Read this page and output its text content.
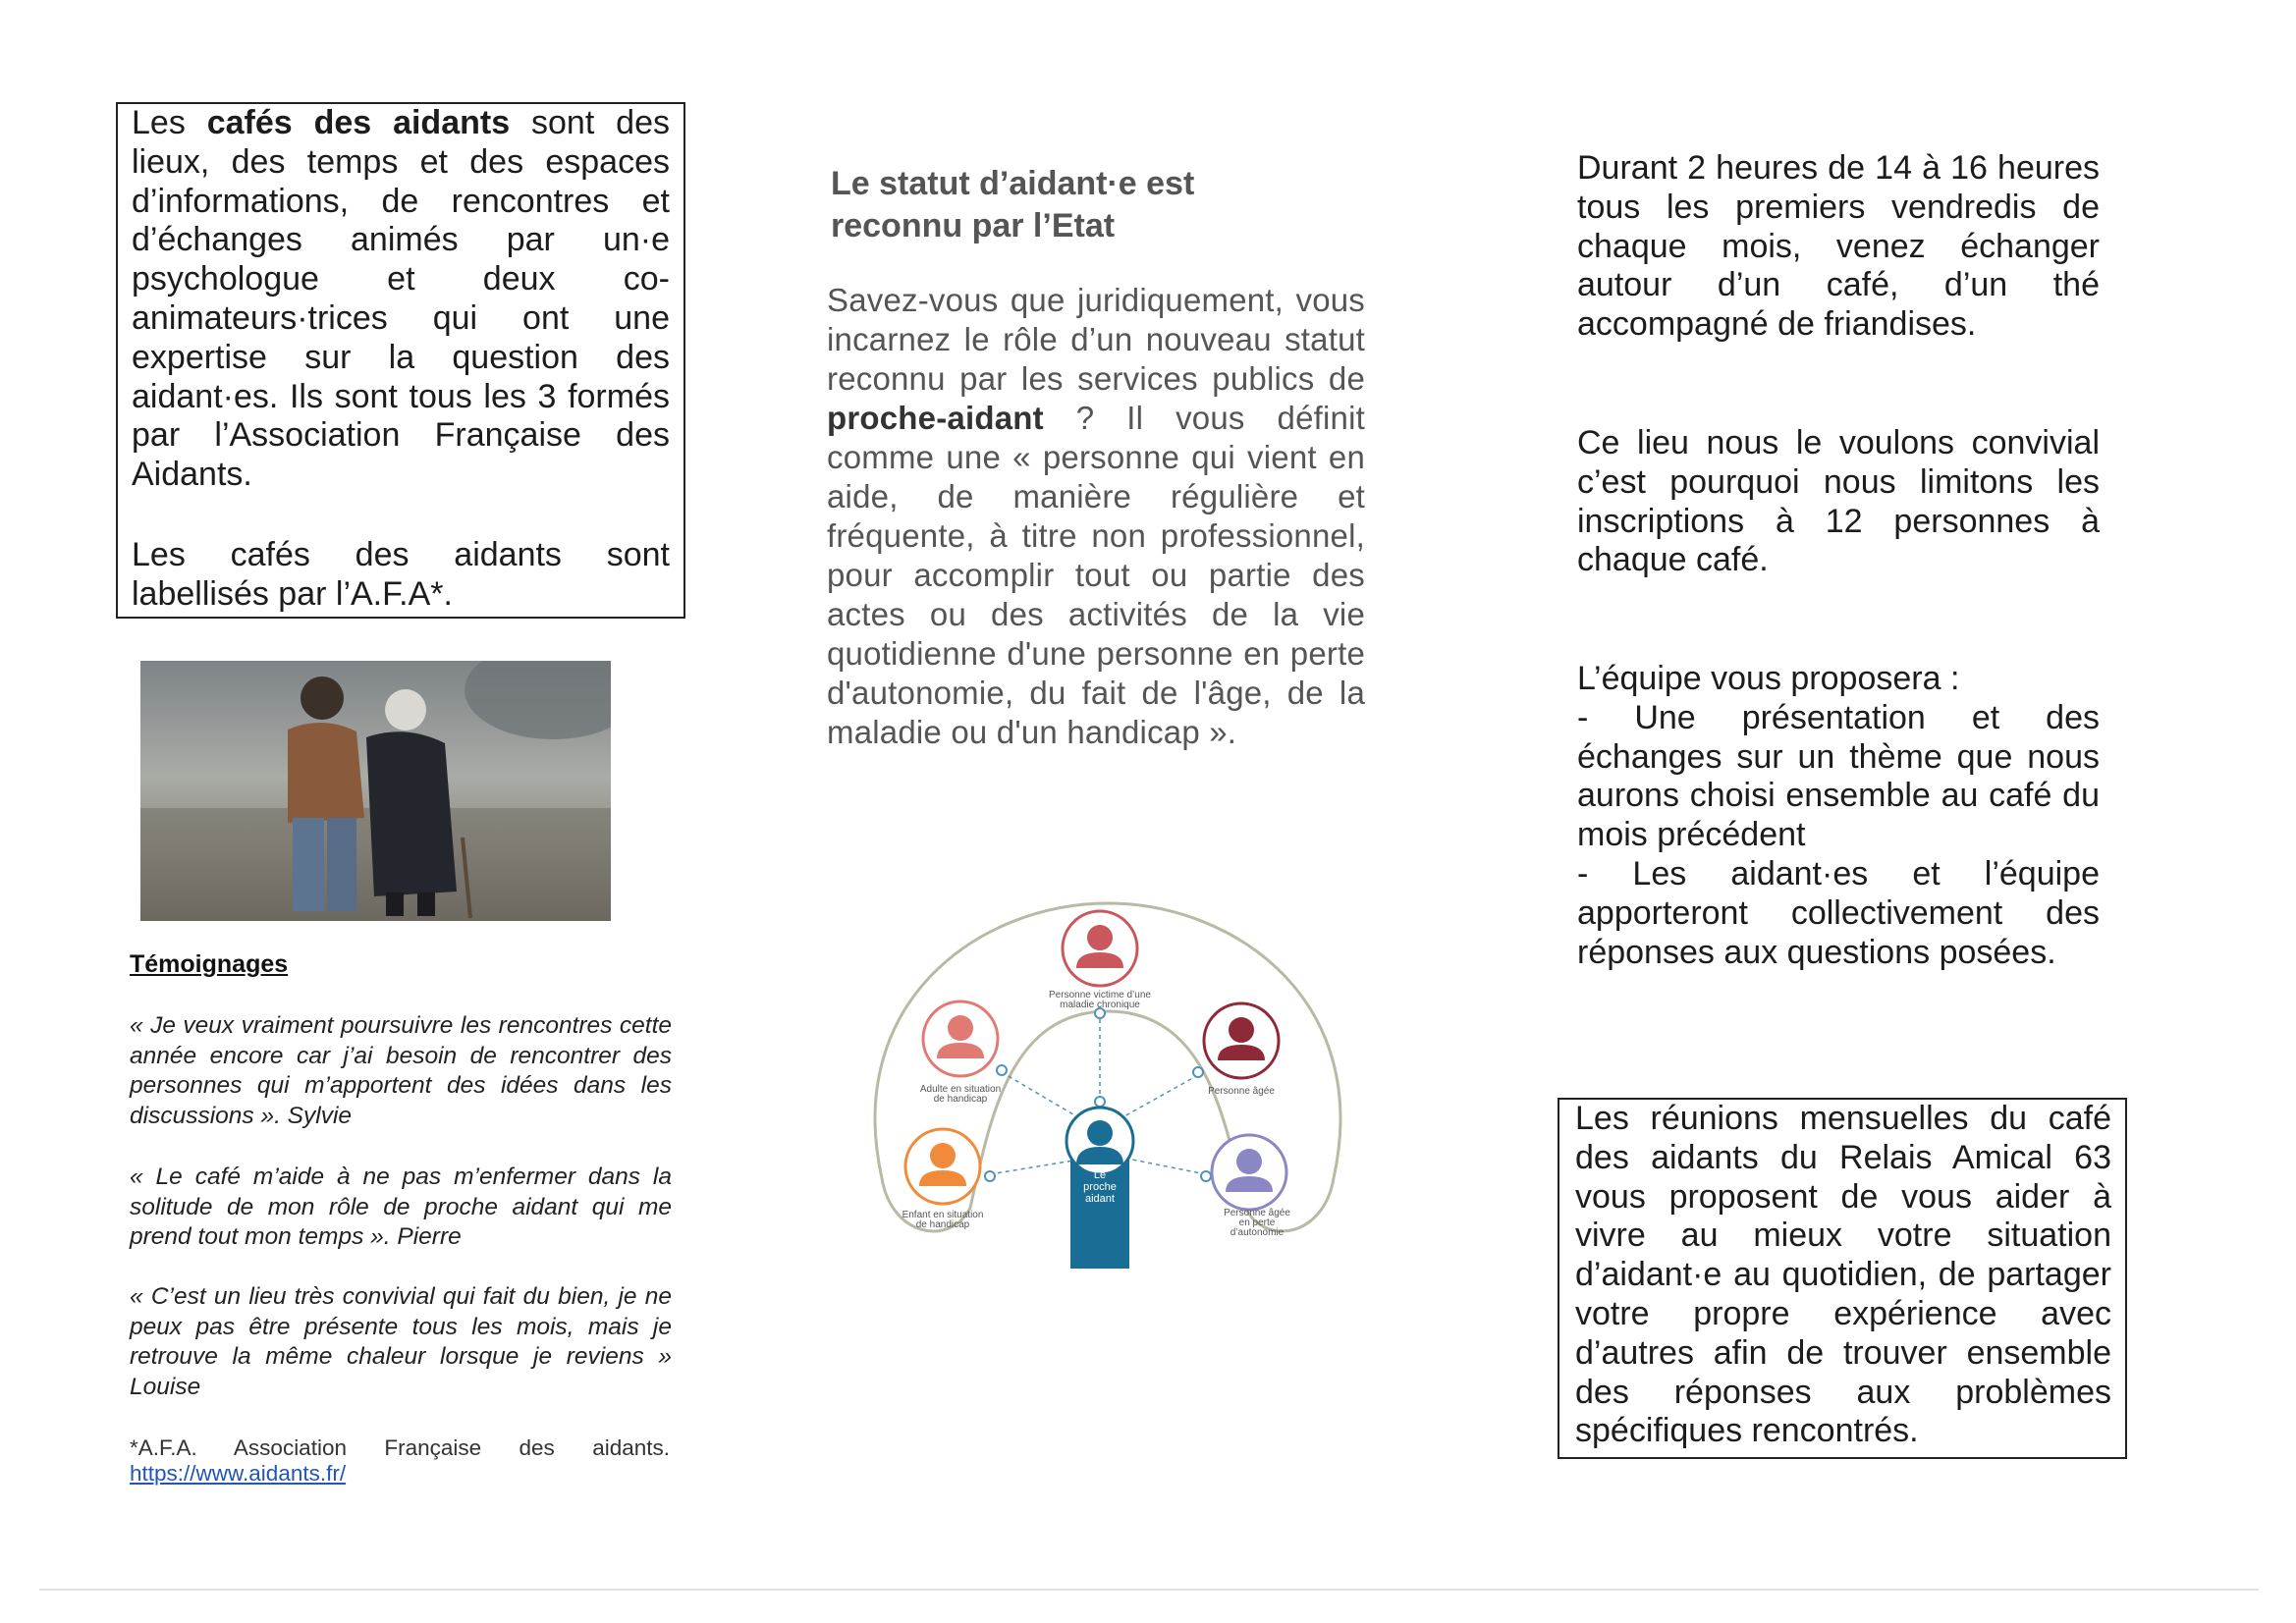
Les cafés des aidants sont des lieux, des temps et des espaces d’informations, de rencontres et d’échanges animés par un·e psychologue et deux co-animateurs·trices qui ont une expertise sur la question des aidant·es. Ils sont tous les 3 formés par l’Association Française des Aidants.

Les cafés des aidants sont labellisés par l’A.F.A*.

Témoignages

« Je veux vraiment poursuivre les rencontres cette année encore car j’ai besoin de rencontrer des personnes qui m’apportent des idées dans les discussions ». Sylvie

« Le café m’aide à ne pas m’enfermer dans la solitude de mon rôle de proche aidant qui me prend tout mon temps ». Pierre

« C’est un lieu très convivial qui fait du bien, je ne peux pas être présente tous les mois, mais je retrouve la même chaleur lorsque je reviens » Louise

*A.F.A. Association Française des aidants.
https://www.aidants.fr/
Le statut d’aidant·e est reconnu par l’Etat

Savez-vous que juridiquement, vous incarnez le rôle d’un nouveau statut reconnu par les services publics de proche-aidant ? Il vous définit comme une « personne qui vient en aide, de manière régulière et fréquente, à titre non professionnel, pour accomplir tout ou partie des actes ou des activités de la vie quotidienne d'une personne en perte d'autonomie, du fait de l'âge, de la maladie ou d'un handicap ».

Personne victime d’une
maladie chronique
Adulte en situation
de handicap
Personne âgée
Enfant en situation
de handicap
Personne âgée
en perte
d’autonomie
Le
proche
aidant

Durant 2 heures de 14 à 16 heures tous les premiers vendredis de chaque mois, venez échanger autour d’un café, d’un thé accompagné de friandises.

Ce lieu nous le voulons convivial c’est pourquoi nous limitons les inscriptions à 12 personnes à chaque café.

L’équipe vous proposera :
- Une présentation et des échanges sur un thème que nous aurons choisi ensemble au café du mois précédent
- Les aidant·es et l’équipe apporteront collectivement des réponses aux questions posées.

Les réunions mensuelles du café des aidants du Relais Amical 63 vous proposent de vous aider à vivre au mieux votre situation d’aidant·e au quotidien, de partager votre propre expérience avec d’autres afin de trouver ensemble des réponses aux problèmes spécifiques rencontrés.
